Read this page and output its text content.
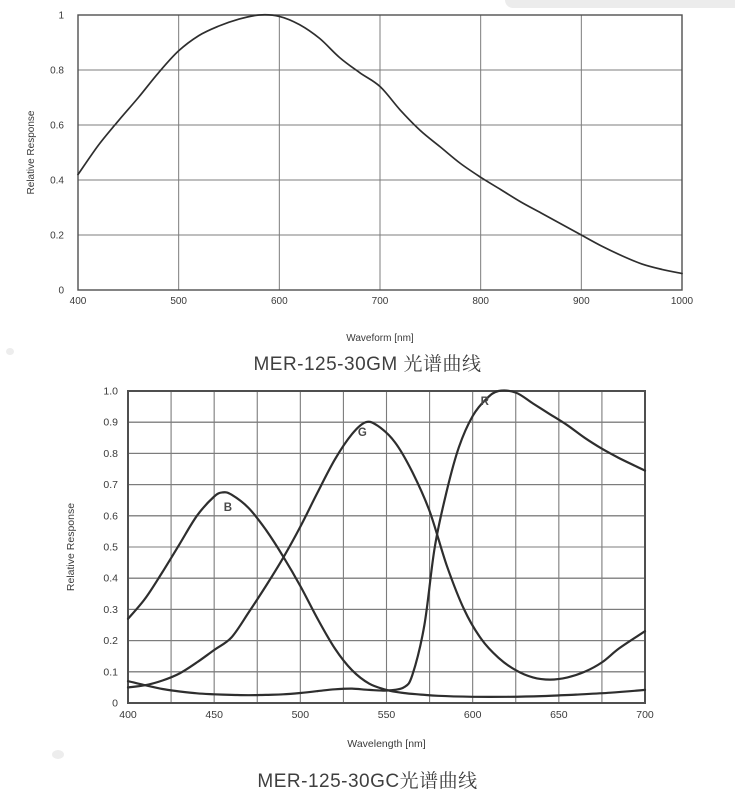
400	500	600	700	800	900	1000
1
0.8
0.6
0.4
0.2
0
Waveform [nm]
Relative Response
MER-125-30GM 光谱曲线
400	450	500	550	600	650	700
1.0
0.9
0.8
0.7
0.6
0.5
0.4
0.3
0.2
0.1
0
Wavelength [nm]
Relative Response	B
G
R
MER-125-30GC光谱曲线
